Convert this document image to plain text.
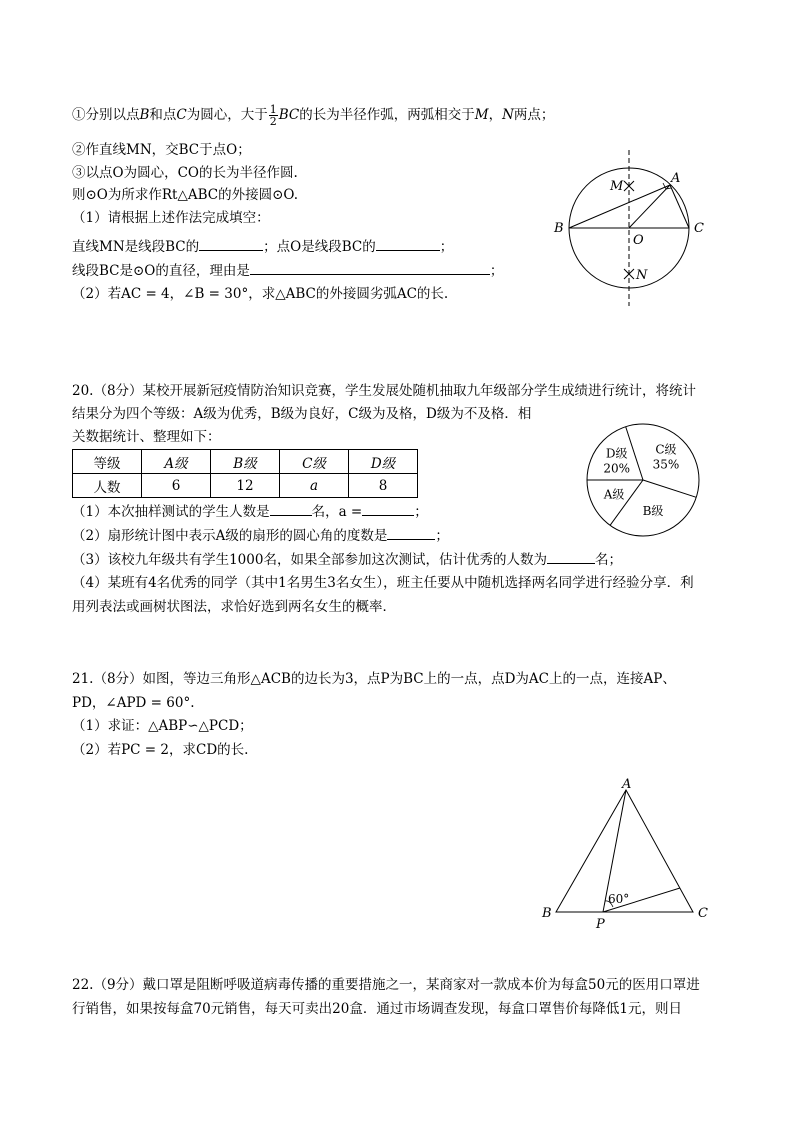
①分别以点B和点C为圆心，大于 $\frac{1}{2}$ BC的长为半径作弧，两弧相交于M，N两点；
②作直线MN，交BC于点O；
③以点O为圆心，CO的长为半径作圆.
则⊙O为所求作Rt△ABC的外接圆⊙O.
（1）请根据上述作法完成填空：
直线MN是线段BC的	；点O是线段BC的	；
线段BC是⊙O的直径，理由是	；
（2）若AC = 4，∠B = 30°，求△ABC的外接圆劣弧AC的长.
M
A
B	C
O
N
20.（8分）某校开展新冠疫情防治知识竞赛，学生发展处随机抽取九年级部分学生成绩进行统计，将统计
结果分为四个等级：A级为优秀，B级为良好，C级为及格，D级为不及格．相
关数据统计、整理如下：
等级	A级	B级	C级	D级
人数	6	12	a	8
（1）本次抽样测试的学生人数是	名，a =	；
（2）扇形统计图中表示A级的扇形的圆心角的度数是	；
（3）该校九年级共有学生1000名，如果全部参加这次测试，估计优秀的人数为	名；
（4）某班有4名优秀的同学（其中1名男生3名女生），班主任要从中随机选择两名同学进行经验分享．利
用列表法或画树状图法，求恰好选到两名女生的概率．
C级
35%
B级
A级
D级
20%
21.（8分）如图，等边三角形△ACB的边长为3，点P为BC上的一点，点D为AC上的一点，连接AP、
PD，∠APD = 60°.
（1）求证：△ABP∽△PCD；
（2）若PC = 2，求CD的长.
60°
A
B	C
P
22.（9分）戴口罩是阻断呼吸道病毒传播的重要措施之一，某商家对一款成本价为每盒50元的医用口罩进
行销售，如果按每盒70元销售，每天可卖出20盒．通过市场调查发现，每盒口罩售价每降低1元，则日
